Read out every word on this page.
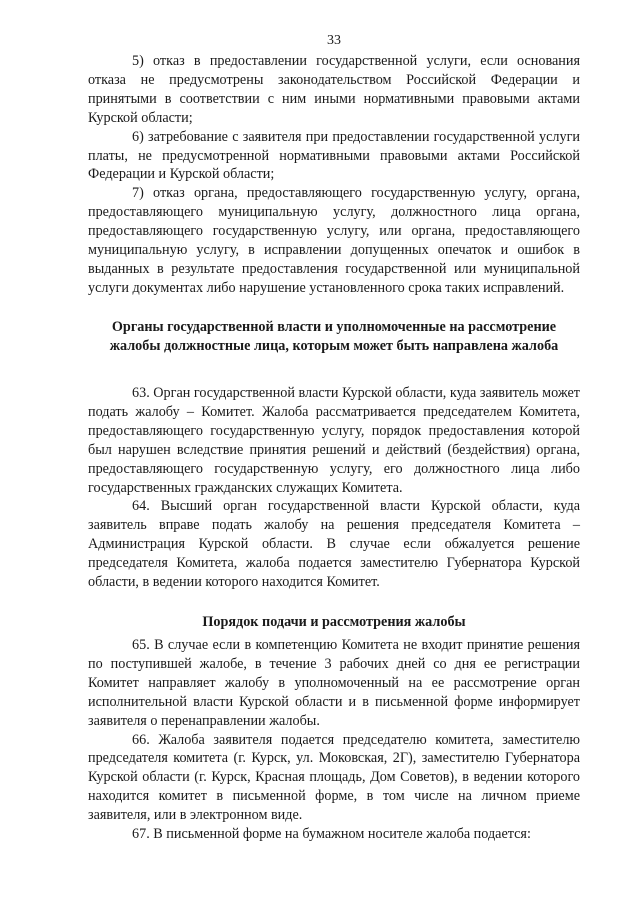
33

5) отказ в предоставлении государственной услуги, если основания отказа не предусмотрены законодательством Российской Федерации и принятыми в соответствии с ним иными нормативными правовыми актами Курской области;

6) затребование с заявителя при предоставлении государственной услуги платы, не предусмотренной нормативными правовыми актами Российской Федерации и Курской области;

7) отказ органа, предоставляющего государственную услугу, органа, предоставляющего муниципальную услугу, должностного лица органа, предоставляющего государственную услугу, или органа, предоставляющего муниципальную услугу, в исправлении допущенных опечаток и ошибок в выданных в результате предоставления государственной или муниципальной услуги документах либо нарушение установленного срока таких исправлений.

Органы государственной власти и уполномоченные на рассмотрение жалобы должностные лица, которым может быть направлена жалоба

63. Орган государственной власти Курской области, куда заявитель может подать жалобу – Комитет. Жалоба рассматривается председателем Комитета, предоставляющего государственную услугу, порядок предоставления которой был нарушен вследствие принятия решений и действий (бездействия) органа, предоставляющего государственную услугу, его должностного лица либо государственных гражданских служащих Комитета.

64. Высший орган государственной власти Курской области, куда заявитель вправе подать жалобу на решения председателя Комитета – Администрация Курской области. В случае если обжалуется решение председателя Комитета, жалоба подается заместителю Губернатора Курской области, в ведении которого находится Комитет.

Порядок подачи и рассмотрения жалобы

65. В случае если в компетенцию Комитета не входит принятие решения по поступившей жалобе, в течение 3 рабочих дней со дня ее регистрации Комитет направляет жалобу в уполномоченный на ее рассмотрение орган исполнительной власти Курской области и в письменной форме информирует заявителя о перенаправлении жалобы.

66. Жалоба заявителя подается председателю комитета, заместителю председателя комитета (г. Курск, ул. Моковская, 2Г), заместителю Губернатора Курской области (г. Курск, Красная площадь, Дом Советов), в ведении которого находится комитет в письменной форме, в том числе на личном приеме заявителя, или в электронном виде.

67. В письменной форме на бумажном носителе жалоба подается:
